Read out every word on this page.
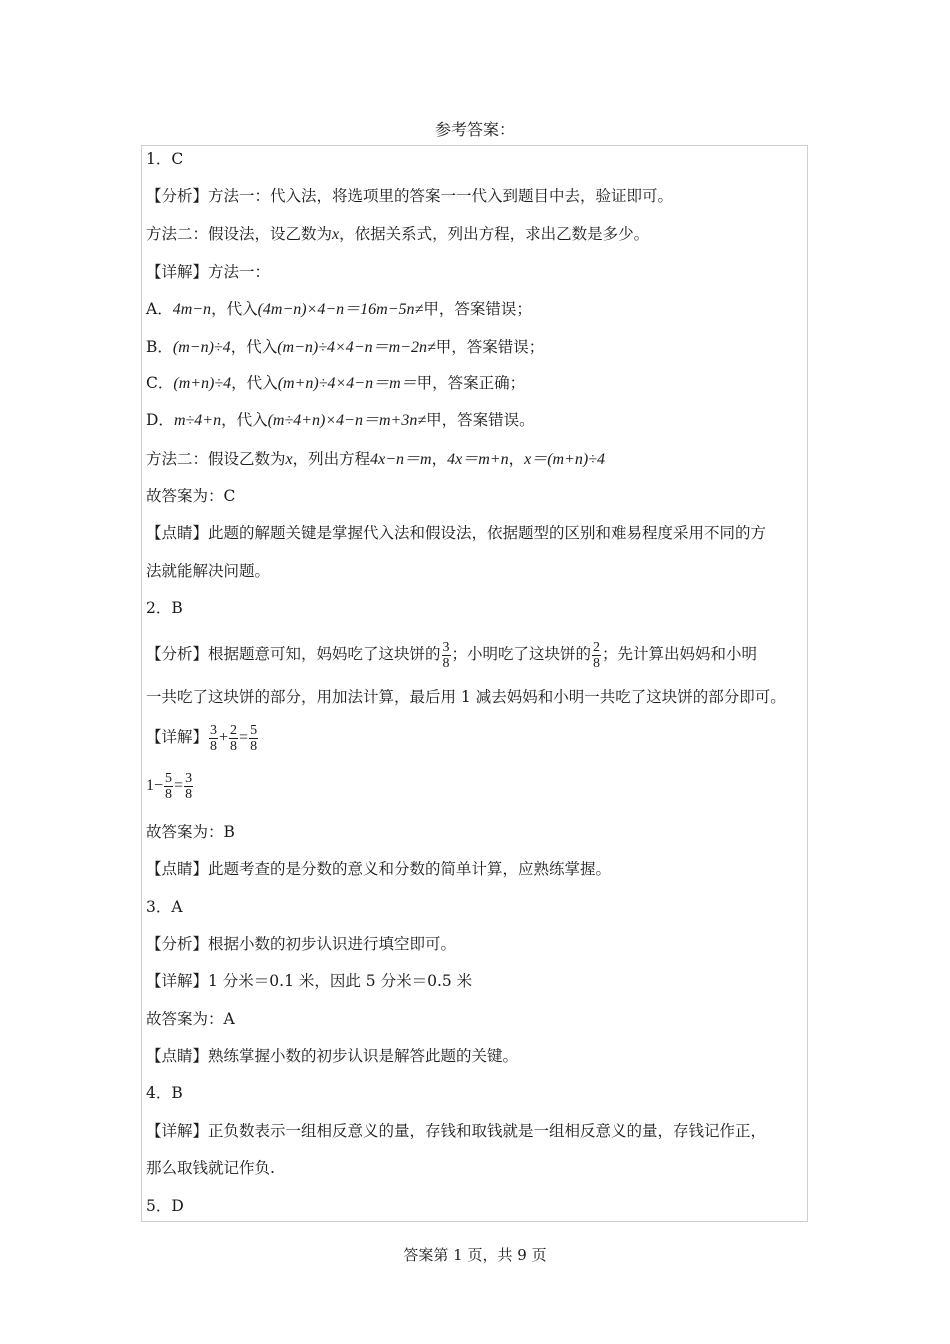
参考答案：
1．C
【分析】方法一：代入法，将选项里的答案一一代入到题目中去，验证即可。
方法二：假设法，设乙数为x，依据关系式，列出方程，求出乙数是多少。
【详解】方法一：
A．4m−n，代入(4m−n)×4−n＝16m−5n≠甲，答案错误；
B．(m−n)÷4，代入(m−n)÷4×4−n＝m−2n≠甲，答案错误；
C．(m+n)÷4，代入(m+n)÷4×4−n＝m＝甲，答案正确；
D．m÷4+n，代入(m÷4+n)×4−n＝m+3n≠甲，答案错误。
方法二：假设乙数为x，列出方程4x−n＝m，4x＝m+n，x＝(m+n)÷4
故答案为：C
【点睛】此题的解题关键是掌握代入法和假设法，依据题型的区别和难易程度采用不同的方
法就能解决问题。
2．B
【分析】根据题意可知，妈妈吃了这块饼的 $\frac{3}{8}$ ；小明吃了这块饼的 $\frac{2}{8}$ ；先计算出妈妈和小明
一共吃了这块饼的部分，用加法计算，最后用 1 减去妈妈和小明一共吃了这块饼的部分即可。
【详解】 $\frac{3}{8} + \frac{2}{8} = \frac{5}{8}$
$1- \frac{5}{8} = \frac{3}{8}$
故答案为：B
【点睛】此题考查的是分数的意义和分数的简单计算，应熟练掌握。
3．A
【分析】根据小数的初步认识进行填空即可。
【详解】1 分米＝0.1 米，因此 5 分米＝0.5 米
故答案为：A
【点睛】熟练掌握小数的初步认识是解答此题的关键。
4．B
【详解】正负数表示一组相反意义的量，存钱和取钱就是一组相反意义的量，存钱记作正，
那么取钱就记作负.
5．D
答案第 1 页，共 9 页
